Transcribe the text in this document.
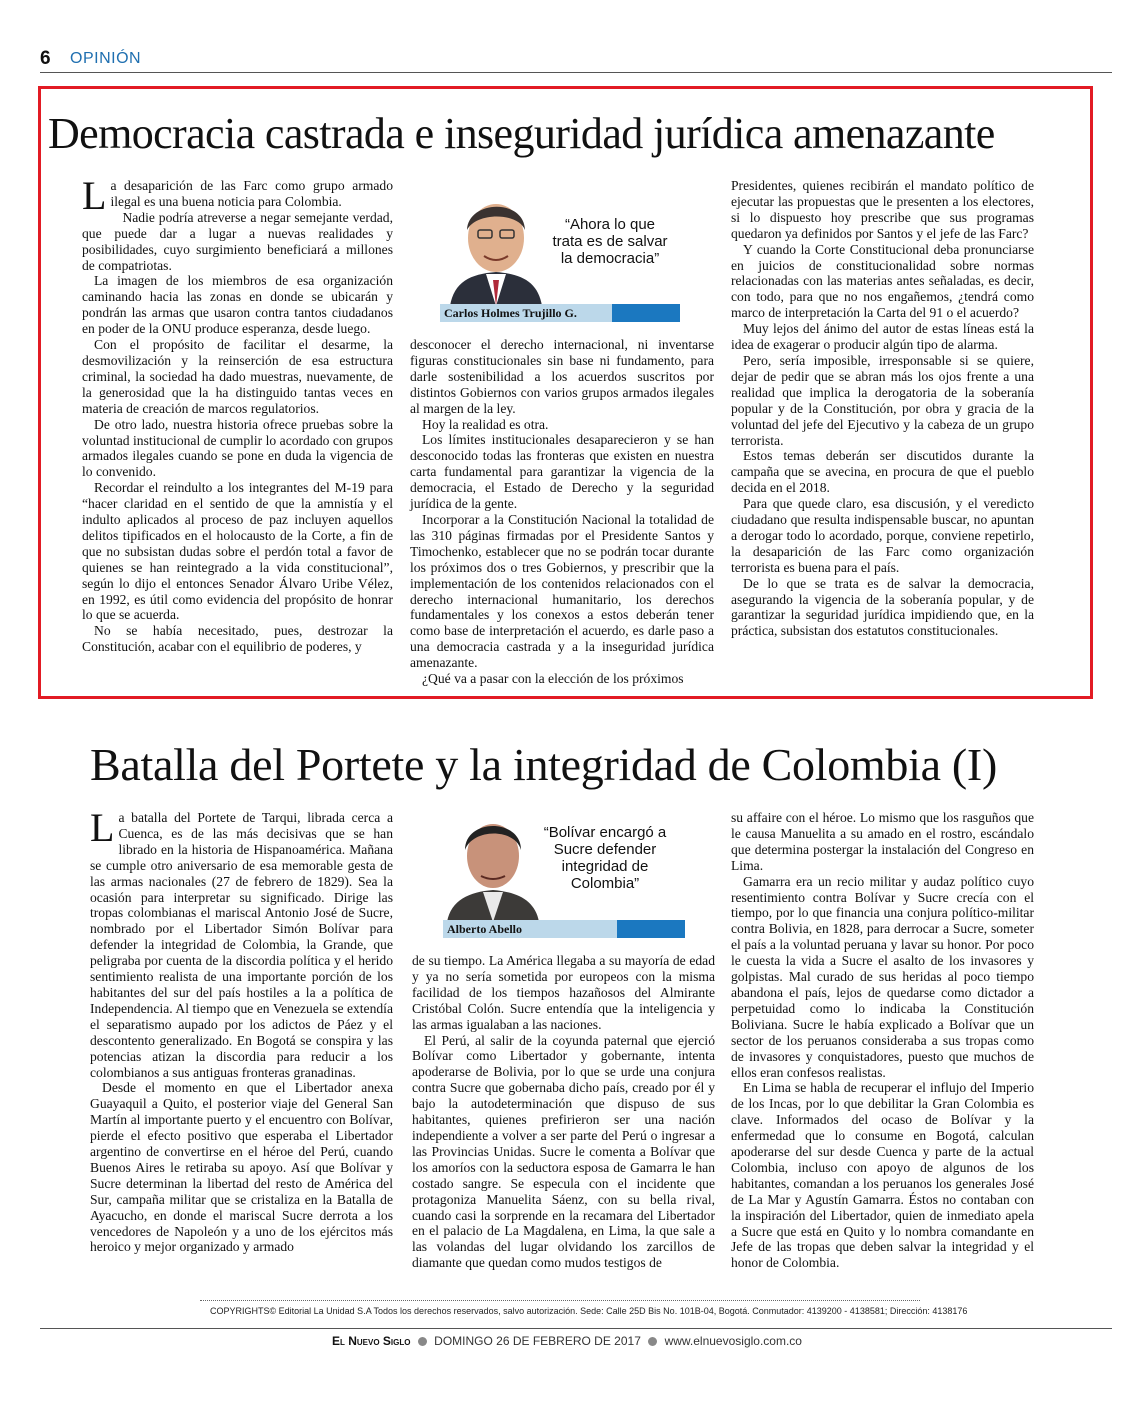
6 OPINIÓN
Democracia castrada e inseguridad jurídica amenazante

La desaparición de las Farc como grupo armado ilegal es una buena noticia para Colombia.

Nadie podría atreverse a negar semejante verdad, que puede dar a lugar a nuevas realidades y posibilidades, cuyo surgimiento beneficiará a millones de compatriotas.

La imagen de los miembros de esa organización caminando hacia las zonas en donde se ubicarán y pondrán las armas que usaron contra tantos ciudadanos en poder de la ONU produce esperanza, desde luego.

Con el propósito de facilitar el desarme, la desmovilización y la reinserción de esa estructura criminal, la sociedad ha dado muestras, nuevamente, de la generosidad que la ha distinguido tantas veces en materia de creación de marcos regulatorios.

De otro lado, nuestra historia ofrece pruebas sobre la voluntad institucional de cumplir lo acordado con grupos armados ilegales cuando se pone en duda la vigencia de lo convenido.

Recordar el reindulto a los integrantes del M-19 para “hacer claridad en el sentido de que la amnistía y el indulto aplicados al proceso de paz incluyen aquellos delitos tipificados en el holocausto de la Corte, a fin de que no subsistan dudas sobre el perdón total a favor de quienes se han reintegrado a la vida constitucional”, según lo dijo el entonces Senador Álvaro Uribe Vélez, en 1992, es útil como evidencia del propósito de honrar lo que se acuerda.

No se había necesitado, pues, destrozar la Constitución, acabar con el equilibrio de poderes, y

“Ahora lo que trata es de salvar la democracia”
Carlos Holmes Trujillo G.

desconocer el derecho internacional, ni inventarse figuras constitucionales sin base ni fundamento, para darle sostenibilidad a los acuerdos suscritos por distintos Gobiernos con varios grupos armados ilegales al margen de la ley.

Hoy la realidad es otra.

Los límites institucionales desaparecieron y se han desconocido todas las fronteras que existen en nuestra carta fundamental para garantizar la vigencia de la democracia, el Estado de Derecho y la seguridad jurídica de la gente.

Incorporar a la Constitución Nacional la totalidad de las 310 páginas firmadas por el Presidente Santos y Timochenko, establecer que no se podrán tocar durante los próximos dos o tres Gobiernos, y prescribir que la implementación de los contenidos relacionados con el derecho internacional humanitario, los derechos fundamentales y los conexos a estos deberán tener como base de interpretación el acuerdo, es darle paso a una democracia castrada y a la inseguridad jurídica amenazante.

¿Qué va a pasar con la elección de los próximos

Presidentes, quienes recibirán el mandato político de ejecutar las propuestas que le presenten a los electores, si lo dispuesto hoy prescribe que sus programas quedaron ya definidos por Santos y el jefe de las Farc?

Y cuando la Corte Constitucional deba pronunciarse en juicios de constitucionalidad sobre normas relacionadas con las materias antes señaladas, es decir, con todo, para que no nos engañemos, ¿tendrá como marco de interpretación la Carta del 91 o el acuerdo?

Muy lejos del ánimo del autor de estas líneas está la idea de exagerar o producir algún tipo de alarma.

Pero, sería imposible, irresponsable si se quiere, dejar de pedir que se abran más los ojos frente a una realidad que implica la derogatoria de la soberanía popular y de la Constitución, por obra y gracia de la voluntad del jefe del Ejecutivo y la cabeza de un grupo terrorista.

Estos temas deberán ser discutidos durante la campaña que se avecina, en procura de que el pueblo decida en el 2018.

Para que quede claro, esa discusión, y el veredicto ciudadano que resulta indispensable buscar, no apuntan a derogar todo lo acordado, porque, conviene repetirlo, la desaparición de las Farc como organización terrorista es buena para el país.

De lo que se trata es de salvar la democracia, asegurando la vigencia de la soberanía popular, y de garantizar la seguridad jurídica impidiendo que, en la práctica, subsistan dos estatutos constitucionales.

Batalla del Portete y la integridad de Colombia (I)

La batalla del Portete de Tarqui, librada cerca a Cuenca, es de las más decisivas que se han librado en la historia de Hispanoamérica. Mañana se cumple otro aniversario de esa memorable gesta de las armas nacionales (27 de febrero de 1829). Sea la ocasión para interpretar su significado. Dirige las tropas colombianas el mariscal Antonio José de Sucre, nombrado por el Libertador Simón Bolívar para defender la integridad de Colombia, la Grande, que peligraba por cuenta de la discordia política y el herido sentimiento realista de una importante porción de los habitantes del sur del país hostiles a la a política de Independencia. Al tiempo que en Venezuela se extendía el separatismo aupado por los adictos de Páez y el descontento generalizado. En Bogotá se conspira y las potencias atizan la discordia para reducir a los colombianos a sus antiguas fronteras granadinas.

Desde el momento en que el Libertador anexa Guayaquil a Quito, el posterior viaje del General San Martín al importante puerto y el encuentro con Bolívar, pierde el efecto positivo que esperaba el Libertador argentino de convertirse en el héroe del Perú, cuando Buenos Aires le retiraba su apoyo. Así que Bolívar y Sucre determinan la libertad del resto de América del Sur, campaña militar que se cristaliza en la Batalla de Ayacucho, en donde el mariscal Sucre derrota a los vencedores de Napoleón y a uno de los ejércitos más heroico y mejor organizado y armado

“Bolívar encargó a Sucre defender integridad de Colombia”
Alberto Abello

de su tiempo. La América llegaba a su mayoría de edad y ya no sería sometida por europeos con la misma facilidad de los tiempos hazañosos del Almirante Cristóbal Colón. Sucre entendía que la inteligencia y las armas igualaban a las naciones.

El Perú, al salir de la coyunda paternal que ejerció Bolívar como Libertador y gobernante, intenta apoderarse de Bolivia, por lo que se urde una conjura contra Sucre que gobernaba dicho país, creado por él y bajo la autodeterminación que dispuso de sus habitantes, quienes prefirieron ser una nación independiente a volver a ser parte del Perú o ingresar a las Provincias Unidas. Sucre le comenta a Bolívar que los amoríos con la seductora esposa de Gamarra le han costado sangre. Se especula con el incidente que protagoniza Manuelita Sáenz, con su bella rival, cuando casi la sorprende en la recamara del Libertador en el palacio de La Magdalena, en Lima, la que sale a las volandas del lugar olvidando los zarcillos de diamante que quedan como mudos testigos de

su affaire con el héroe. Lo mismo que los rasguños que le causa Manuelita a su amado en el rostro, escándalo que determina postergar la instalación del Congreso en Lima.

Gamarra era un recio militar y audaz político cuyo resentimiento contra Bolívar y Sucre crecía con el tiempo, por lo que financia una conjura político-militar contra Bolivia, en 1828, para derrocar a Sucre, someter el país a la voluntad peruana y lavar su honor. Por poco le cuesta la vida a Sucre el asalto de los invasores y golpistas. Mal curado de sus heridas al poco tiempo abandona el país, lejos de quedarse como dictador a perpetuidad como lo indicaba la Constitución Boliviana. Sucre le había explicado a Bolívar que un sector de los peruanos consideraba a sus tropas como de invasores y conquistadores, puesto que muchos de ellos eran confesos realistas.

En Lima se habla de recuperar el influjo del Imperio de los Incas, por lo que debilitar la Gran Colombia es clave. Informados del ocaso de Bolívar y la enfermedad que lo consume en Bogotá, calculan apoderarse del sur desde Cuenca y parte de la actual Colombia, incluso con apoyo de algunos de los habitantes, comandan a los peruanos los generales José de La Mar y Agustín Gamarra. Éstos no contaban con la inspiración del Libertador, quien de inmediato apela a Sucre que está en Quito y lo nombra comandante en Jefe de las tropas que deben salvar la integridad y el honor de Colombia.

COPYRIGHTS© Editorial La Unidad S.A Todos los derechos reservados, salvo autorización. Sede: Calle 25D Bis No. 101B-04, Bogotá. Conmutador: 4139200 - 4138581; Dirección: 4138176
El Nuevo Siglo DOMINGO 26 DE FEBRERO DE 2017 www.elnuevosiglo.com.co
